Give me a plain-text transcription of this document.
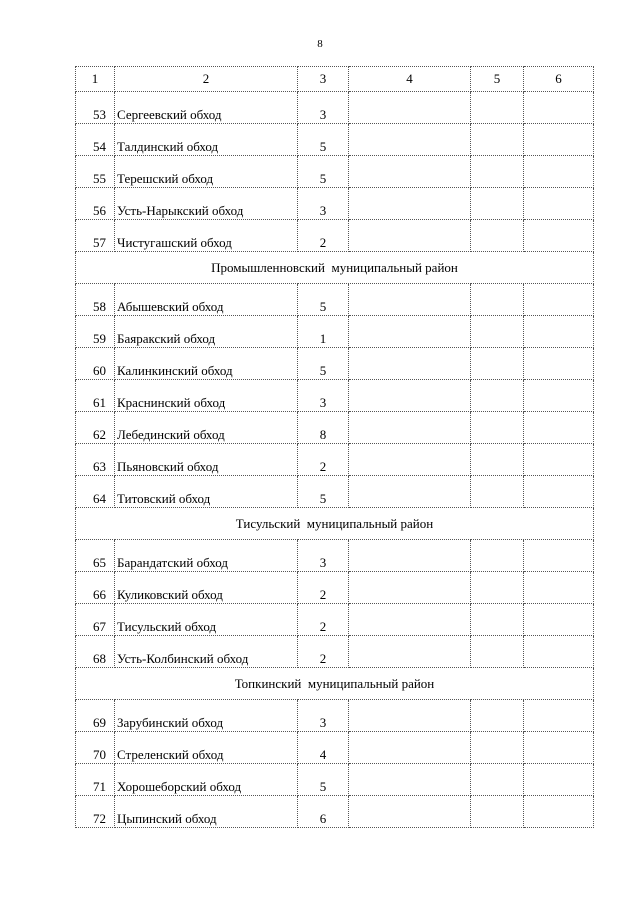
8
1	2	3	4	5	6
53	Сергеевский обход	3			
54	Талдинский обход	5			
55	Терешский обход	5			
56	Усть-Нарыкский обход	3			
57	Чистугашский обход	2			
Промышленновский  муниципальный район					
58	Абышевский обход	5			
59	Баяракский обход	1			
60	Калинкинский обход	5			
61	Краснинский обход	3			
62	Лебединский обход	8			
63	Пьяновский обход	2			
64	Титовский обход	5			
Тисульский  муниципальный район					
65	Барандатский обход	3			
66	Куликовский обход	2			
67	Тисульский обход	2			
68	Усть-Колбинский обход	2			
Топкинский  муниципальный район					
69	Зарубинский обход	3			
70	Стреленский обход	4			
71	Хорошеборский обход	5			
72	Цыпинский обход	6			
